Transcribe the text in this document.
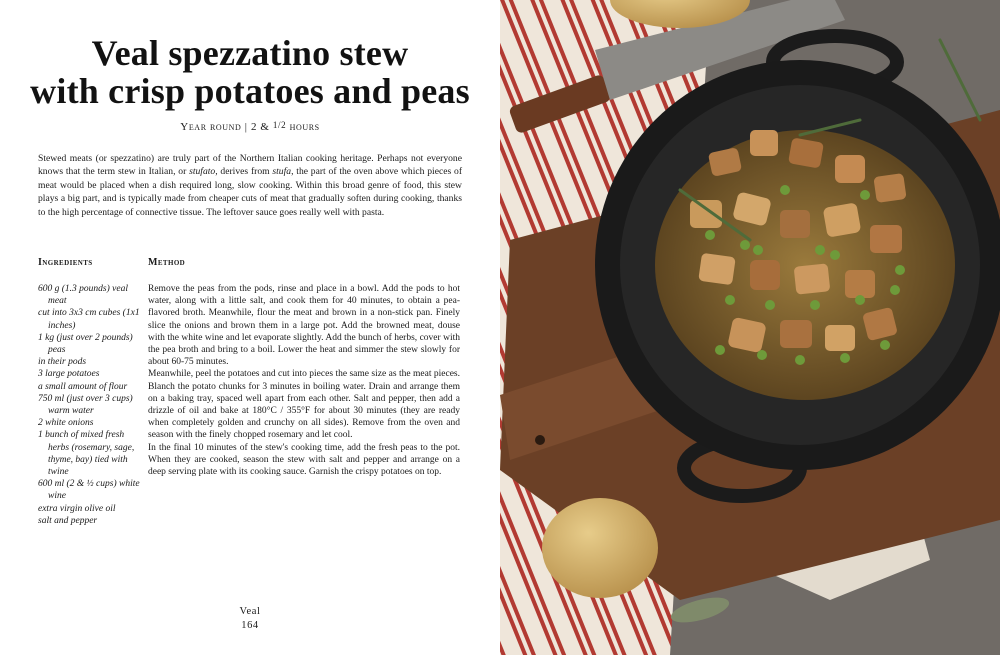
Veal spezzatino stew
with crisp potatoes and peas
Year round | 2 & 1/2 hours
Stewed meats (or spezzatino) are truly part of the Northern Italian cooking heritage. Perhaps not everyone knows that the term stew in Italian, or stufato, derives from stufa, the part of the oven above which pieces of meat would be placed when a dish required long, slow cooking. Within this broad genre of food, this stew plays a big part, and is typically made from cheaper cuts of meat that gradually soften during cooking, thanks to the high percentage of connective tissue. The leftover sauce goes really well with pasta.
Ingredients	Method
600 g (1.3 pounds) veal meat
cut into 3x3 cm cubes (1x1 inches)
1 kg (just over 2 pounds) peas
in their pods
3 large potatoes
a small amount of flour
750 ml (just over 3 cups) warm water
2 white onions
1 bunch of mixed fresh herbs (rosemary, sage, thyme, bay) tied with twine
600 ml (2 & ½ cups) white wine
extra virgin olive oil
salt and pepper

Remove the peas from the pods, rinse and place in a bowl. Add the pods to hot water, along with a little salt, and cook them for 40 minutes, to obtain a pea-flavored broth. Meanwhile, flour the meat and brown in a non-stick pan. Finely slice the onions and brown them in a large pot. Add the browned meat, douse with the white wine and let evaporate slightly. Add the bunch of herbs, cover with the pea broth and bring to a boil. Lower the heat and simmer the stew slowly for about 60-75 minutes.

Meanwhile, peel the potatoes and cut into pieces the same size as the meat pieces. Blanch the potato chunks for 3 minutes in boiling water. Drain and arrange them on a baking tray, spaced well apart from each other. Salt and pepper, then add a drizzle of oil and bake at 180°C / 355°F for about 30 minutes (they are ready when completely golden and crunchy on all sides). Remove from the oven and season with the finely chopped rosemary and let cool.

In the final 10 minutes of the stew's cooking time, add the fresh peas to the pot. When they are cooked, season the stew with salt and pepper and arrange on a deep serving plate with its cooking sauce. Garnish the crispy potatoes on top.

Veal
164
